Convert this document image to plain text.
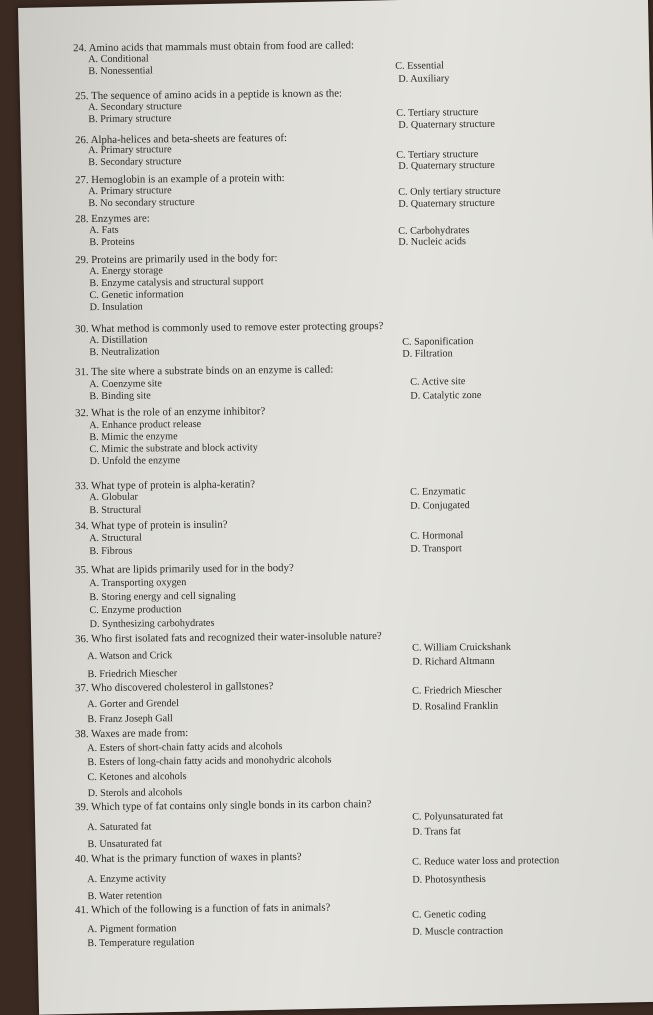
24. Amino acids that mammals must obtain from food are called:
A. Conditional
B. Nonessential	C. Essential
D. Auxiliary
25. The sequence of amino acids in a peptide is known as the:
A. Secondary structure
B. Primary structure	C. Tertiary structure
D. Quaternary structure
26. Alpha-helices and beta-sheets are features of:
A. Primary structure
B. Secondary structure
C. Tertiary structure
D. Quaternary structure
27. Hemoglobin is an example of a protein with:
A. Primary structure
B. No secondary structure
C. Only tertiary structure
D. Quaternary structure
28. Enzymes are:
A. Fats
B. Proteins
C. Carbohydrates
D. Nucleic acids
29. Proteins are primarily used in the body for:
A. Energy storage
B. Enzyme catalysis and structural support
C. Genetic information
D. Insulation
30. What method is commonly used to remove ester protecting groups?
A. Distillation
B. Neutralization
C. Saponification
D. Filtration
31. The site where a substrate binds on an enzyme is called:
A. Coenzyme site
B. Binding site
C. Active site
D. Catalytic zone
32. What is the role of an enzyme inhibitor?
A. Enhance product release
B. Mimic the enzyme
C. Mimic the substrate and block activity
D. Unfold the enzyme
33. What type of protein is alpha-keratin?
A. Globular
B. Structural
C. Enzymatic
D. Conjugated
34. What type of protein is insulin?
A. Structural
B. Fibrous
C. Hormonal
D. Transport
35. What are lipids primarily used for in the body?
A. Transporting oxygen
B. Storing energy and cell signaling
C. Enzyme production
D. Synthesizing carbohydrates
36. Who first isolated fats and recognized their water-insoluble nature?
A. Watson and Crick
B. Friedrich Miescher
C. William Cruickshank
D. Richard Altmann
37. Who discovered cholesterol in gallstones?
A. Gorter and Grendel
B. Franz Joseph Gall
C. Friedrich Miescher
D. Rosalind Franklin
38. Waxes are made from:
A. Esters of short-chain fatty acids and alcohols
B. Esters of long-chain fatty acids and monohydric alcohols
C. Ketones and alcohols
D. Sterols and alcohols
39. Which type of fat contains only single bonds in its carbon chain?
A. Saturated fat
B. Unsaturated fat
C. Polyunsaturated fat
D. Trans fat
40. What is the primary function of waxes in plants?
A. Enzyme activity
B. Water retention
C. Reduce water loss and protection
D. Photosynthesis
41. Which of the following is a function of fats in animals?
A. Pigment formation
B. Temperature regulation
C. Genetic coding
D. Muscle contraction
